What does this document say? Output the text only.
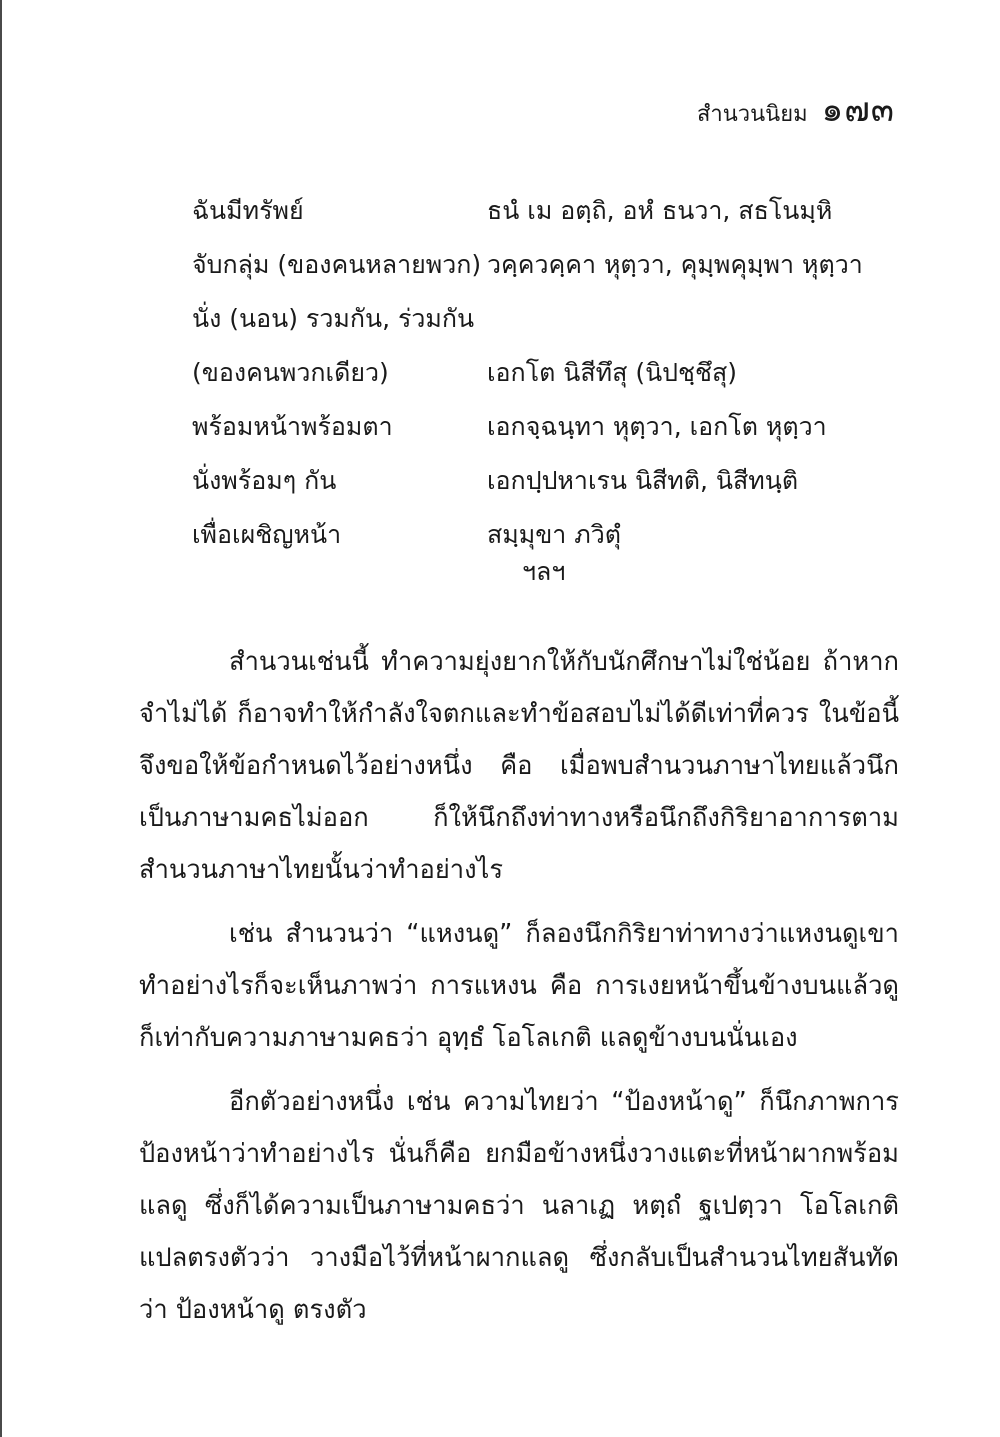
สำนวนนิยม ๑๗๓
ฉันมีทรัพย์	ธนํ เม อตฺถิ, อหํ ธนวา, สธโนมฺหิ
จับกลุ่ม (ของคนหลายพวก) วคฺควคฺคา หุตฺวา, คุมฺพคุมฺพา หุตฺวา
นั่ง (นอน) รวมกัน, ร่วมกัน
(ของคนพวกเดียว)	เอกโต นิสีทึสุ (นิปชฺชึสุ)
พร้อมหน้าพร้อมตา	เอกจฺฉนฺทา หุตฺวา, เอกโต หุตฺวา
นั่งพร้อมๆ กัน	เอกปฺปหาเรน นิสีทติ, นิสีทนฺติ
เพื่อเผชิญหน้า	สมฺมุขา ภวิตุํ
ฯลฯ

สำนวนเช่นนี้ ทำความยุ่งยากให้กับนักศึกษาไม่ใช่น้อย ถ้าหากจำไม่ได้ ก็อาจทำให้กำลังใจตกและทำข้อสอบไม่ได้ดีเท่าที่ควร ในข้อนี้จึงขอให้ข้อกำหนดไว้อย่างหนึ่ง คือ เมื่อพบสำนวนภาษาไทยแล้วนึกเป็นภาษามคธไม่ออก ก็ให้นึกถึงท่าทางหรือนึกถึงกิริยาอาการตามสำนวนภาษาไทยนั้นว่าทำอย่างไร

เช่น สำนวนว่า “แหงนดู” ก็ลองนึกกิริยาท่าทางว่าแหงนดูเขาทำอย่างไรก็จะเห็นภาพว่า การแหงน คือ การเงยหน้าขึ้นข้างบนแล้วดูก็เท่ากับความภาษามคธว่า อุทฺธํ โอโลเกติ แลดูข้างบนนั่นเอง

อีกตัวอย่างหนึ่ง เช่น ความไทยว่า “ป้องหน้าดู” ก็นึกภาพการป้องหน้าว่าทำอย่างไร นั่นก็คือ ยกมือข้างหนึ่งวางแตะที่หน้าผากพร้อมแลดู ซึ่งก็ได้ความเป็นภาษามคธว่า นลาเฏ หตฺถํ ฐเปตฺวา โอโลเกติ แปลตรงตัวว่า วางมือไว้ที่หน้าผากแลดู ซึ่งกลับเป็นสำนวนไทยสันทัดว่า ป้องหน้าดู ตรงตัว
